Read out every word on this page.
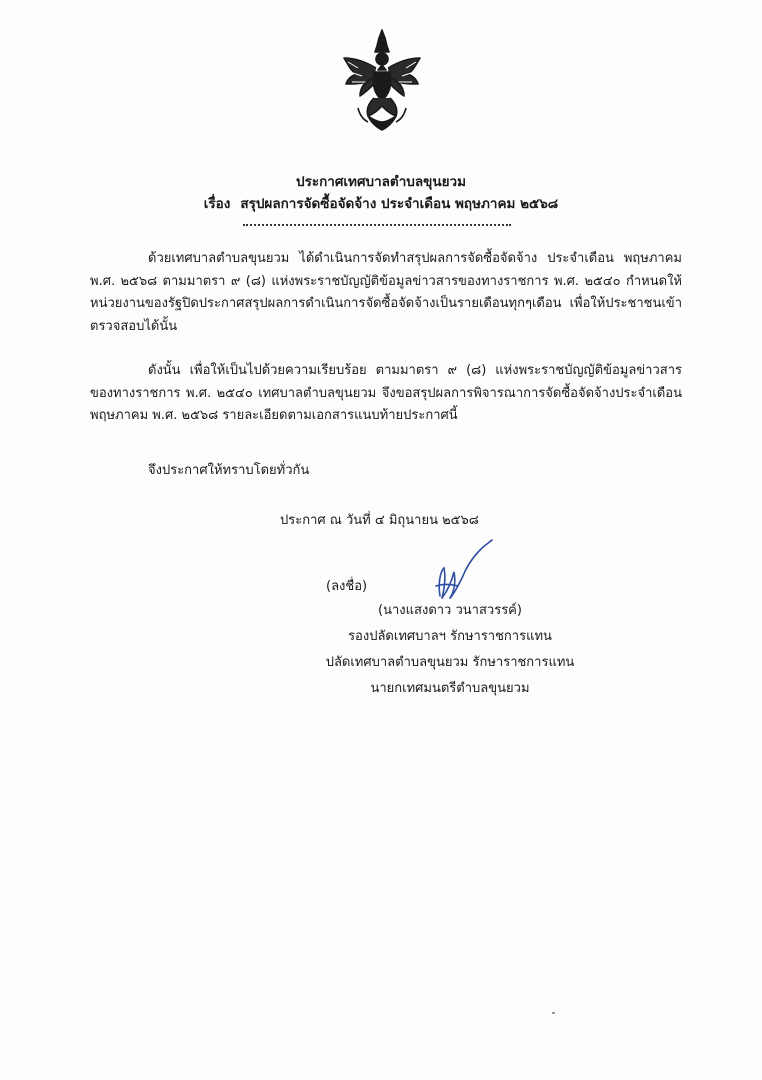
ประกาศเทศบาลตำบลขุนยวม
เรื่อง สรุปผลการจัดซื้อจัดจ้าง ประจำเดือน พฤษภาคม ๒๕๖๘
ด้วยเทศบาลตำบลขุนยวม ได้ดำเนินการจัดทำสรุปผลการจัดซื้อจัดจ้าง ประจำเดือน พฤษภาคม
พ.ศ. ๒๕๖๘ ตามมาตรา ๙ (๘) แห่งพระราชบัญญัติข้อมูลข่าวสารของทางราชการ พ.ศ. ๒๕๔๐ กำหนดให้
หน่วยงานของรัฐปิดประกาศสรุปผลการดำเนินการจัดซื้อจัดจ้างเป็นรายเดือนทุกๆเดือน เพื่อให้ประชาชนเข้า
ตรวจสอบได้นั้น
ดังนั้น เพื่อให้เป็นไปด้วยความเรียบร้อย ตามมาตรา ๙ (๘) แห่งพระราชบัญญัติข้อมูลข่าวสาร
ของทางราชการ พ.ศ. ๒๕๔๐ เทศบาลตำบลขุนยวม จึงขอสรุปผลการพิจารณาการจัดซื้อจัดจ้างประจำเดือน
พฤษภาคม พ.ศ. ๒๕๖๘ รายละเอียดตามเอกสารแนบท้ายประกาศนี้
จึงประกาศให้ทราบโดยทั่วกัน
ประกาศ ณ วันที่ ๔ มิถุนายน ๒๕๖๘
(ลงชื่อ)
(นางแสงดาว วนาสวรรค์)
รองปลัดเทศบาลฯ รักษาราชการแทน
ปลัดเทศบาลตำบลขุนยวม รักษาราชการแทน
นายกเทศมนตรีตำบลขุนยวม
